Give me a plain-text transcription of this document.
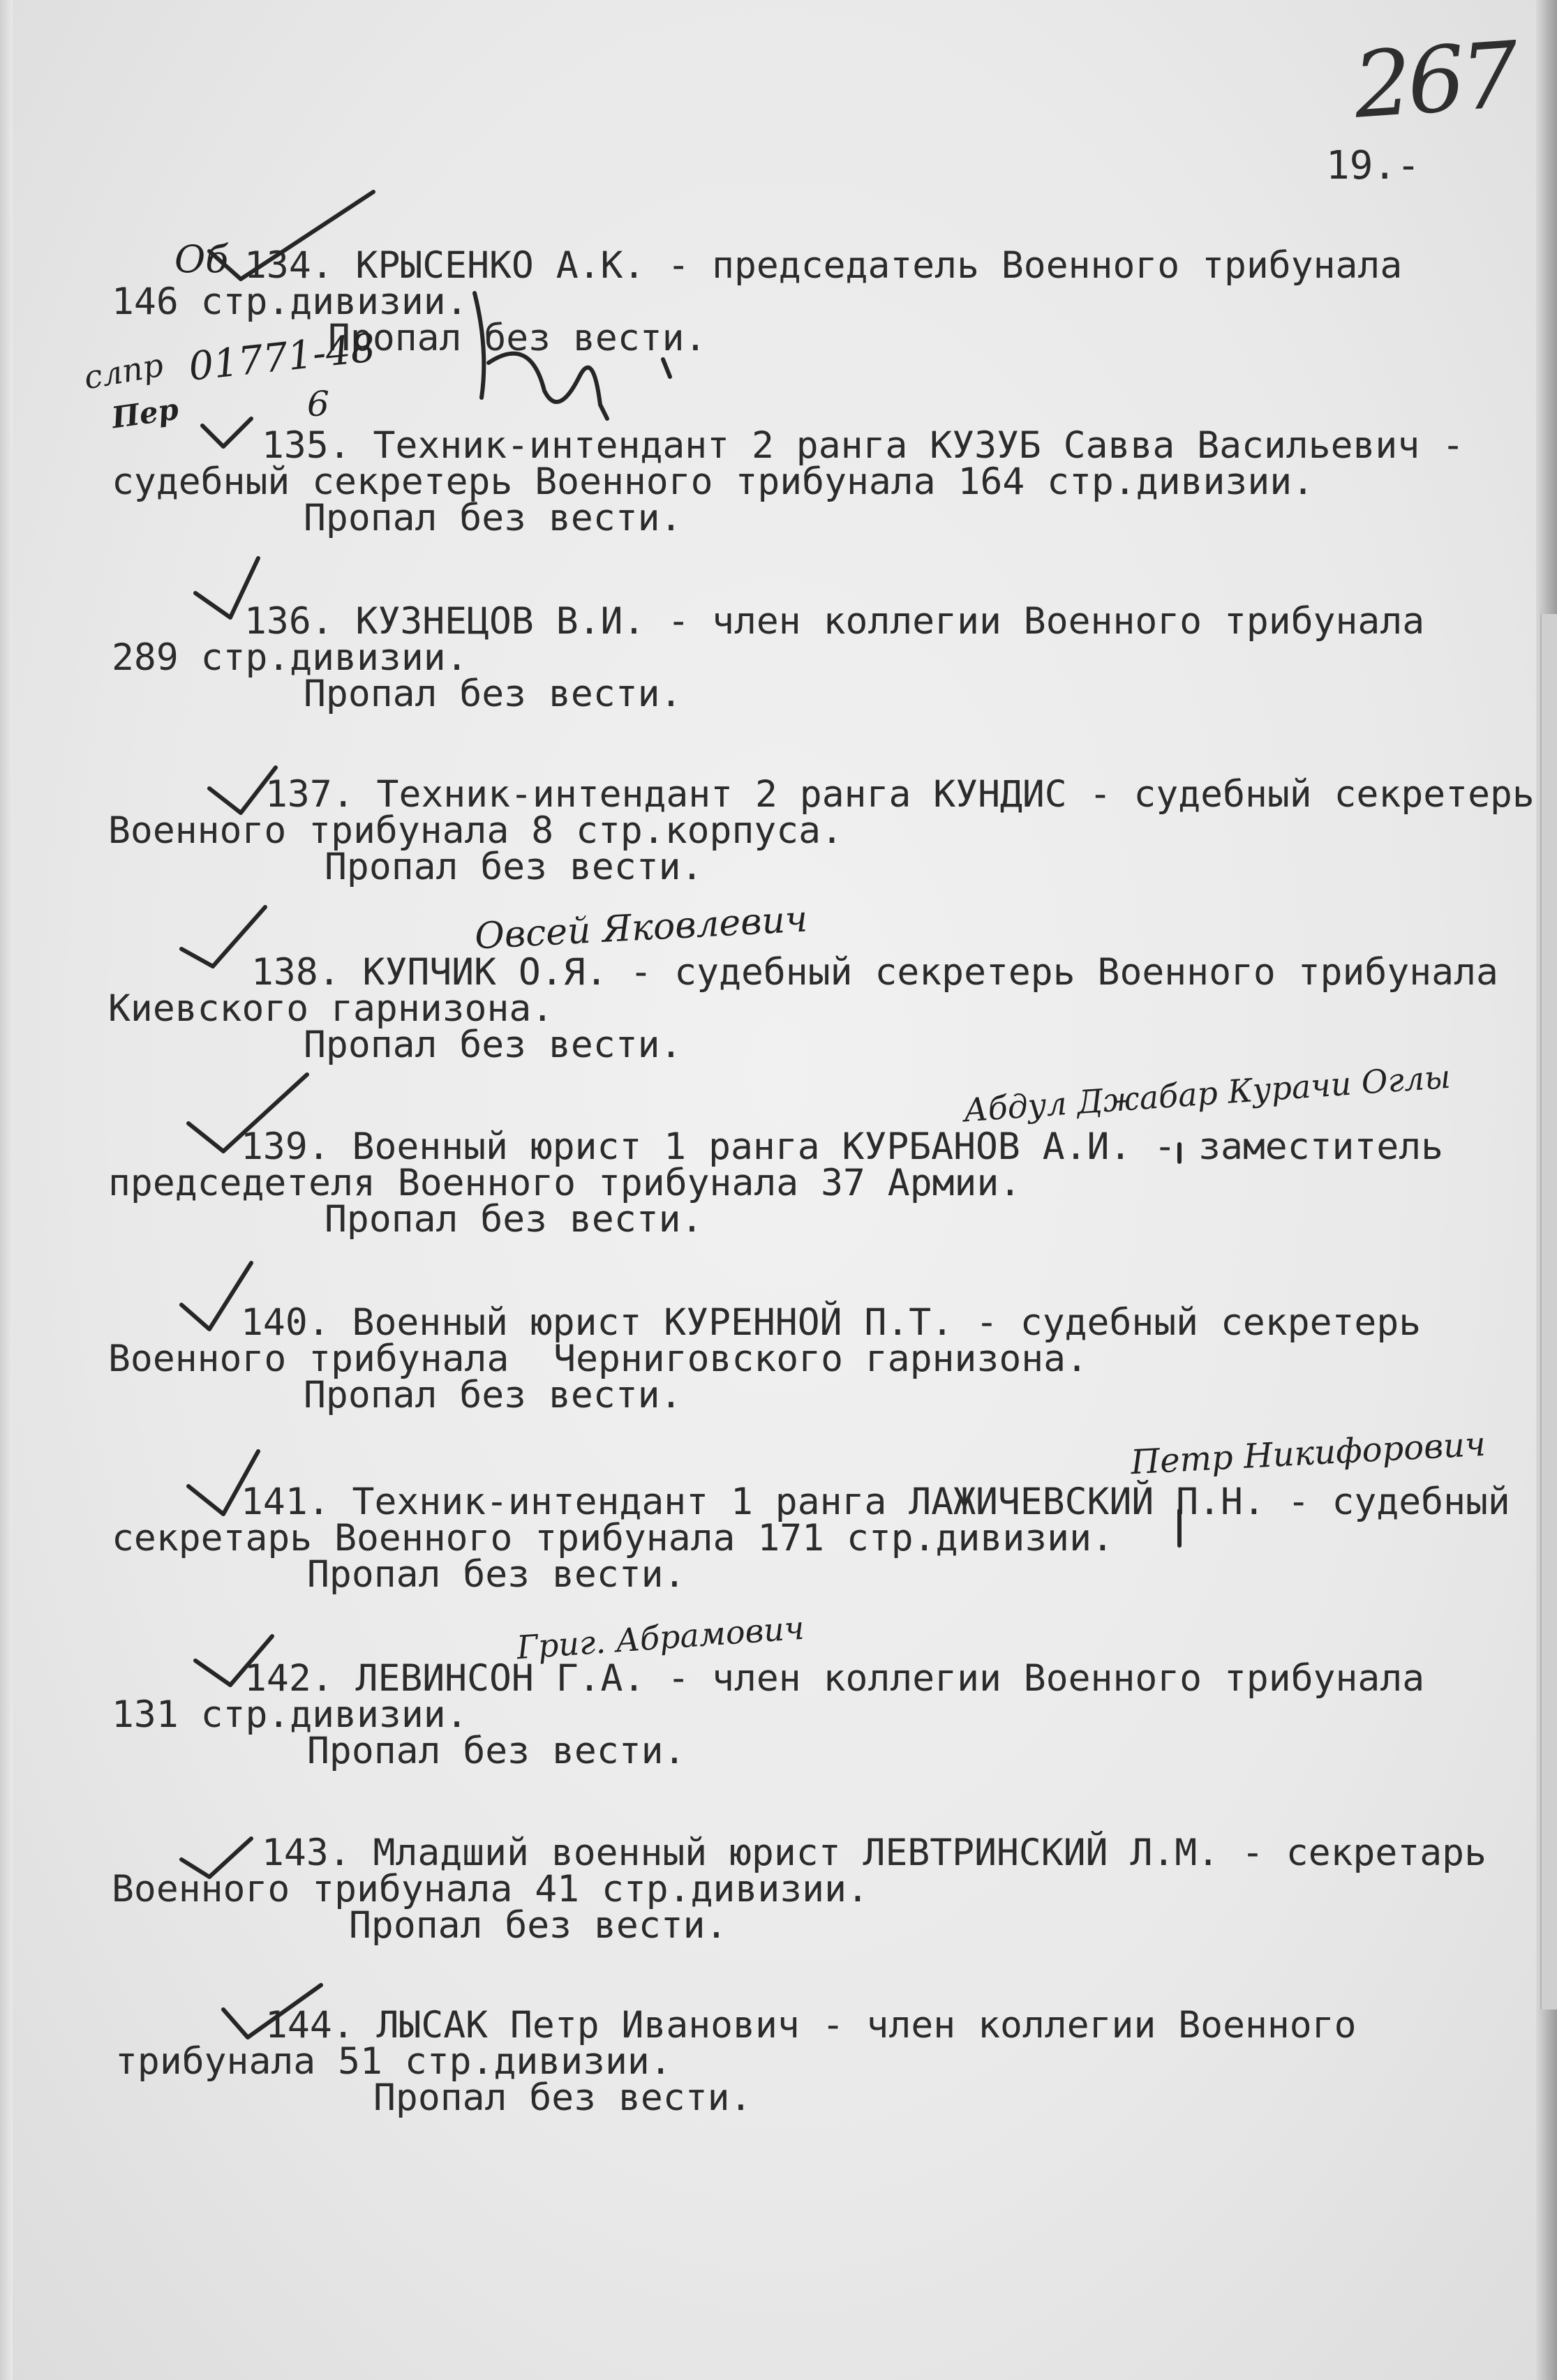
267
19.-
134. КРЫСЕНКО А.К. - председатель Военного трибунала
146 стр.дивизии.
Пропал без вести.
135. Техник-интендант 2 ранга КУЗУБ Савва Васильевич -
судебный секретерь Военного трибунала 164 стр.дивизии.
Пропал без вести.
136. КУЗНЕЦОВ В.И. - член коллегии Военного трибунала
289 стр.дивизии.
Пропал без вести.
137. Техник-интендант 2 ранга КУНДИС - судебный секретерь
Военного трибунала 8 стр.корпуса.
Пропал без вести.
138. КУПЧИК О.Я. - судебный секретерь Военного трибунала
Киевского гарнизона.
Пропал без вести.
139. Военный юрист 1 ранга КУРБАНОВ А.И. - заместитель
председетеля Военного трибунала 37 Армии.
Пропал без вести.
140. Военный юрист КУРЕННОЙ П.Т. - судебный секретерь
Военного трибунала  Черниговского гарнизона.
Пропал без вести.
141. Техник-интендант 1 ранга ЛАЖИЧЕВСКИЙ П.Н. - судебный
секретарь Военного трибунала 171 стр.дивизии.
Пропал без вести.
142. ЛЕВИНСОН Г.А. - член коллегии Военного трибунала
131 стр.дивизии.
Пропал без вести.
143. Младший военный юрист ЛЕВТРИНСКИЙ Л.М. - секретарь
Военного трибунала 41 стр.дивизии.
Пропал без вести.
144. ЛЫСАК Петр Иванович - член коллегии Военного
трибунала 51 стр.дивизии.
Пропал без вести.
Об
слпр 01771-48
Пер	6
Овсей Яковлевич
Абдул Джабар Курачи Оглы
Петр Никифорович
Григ. Абрамович
